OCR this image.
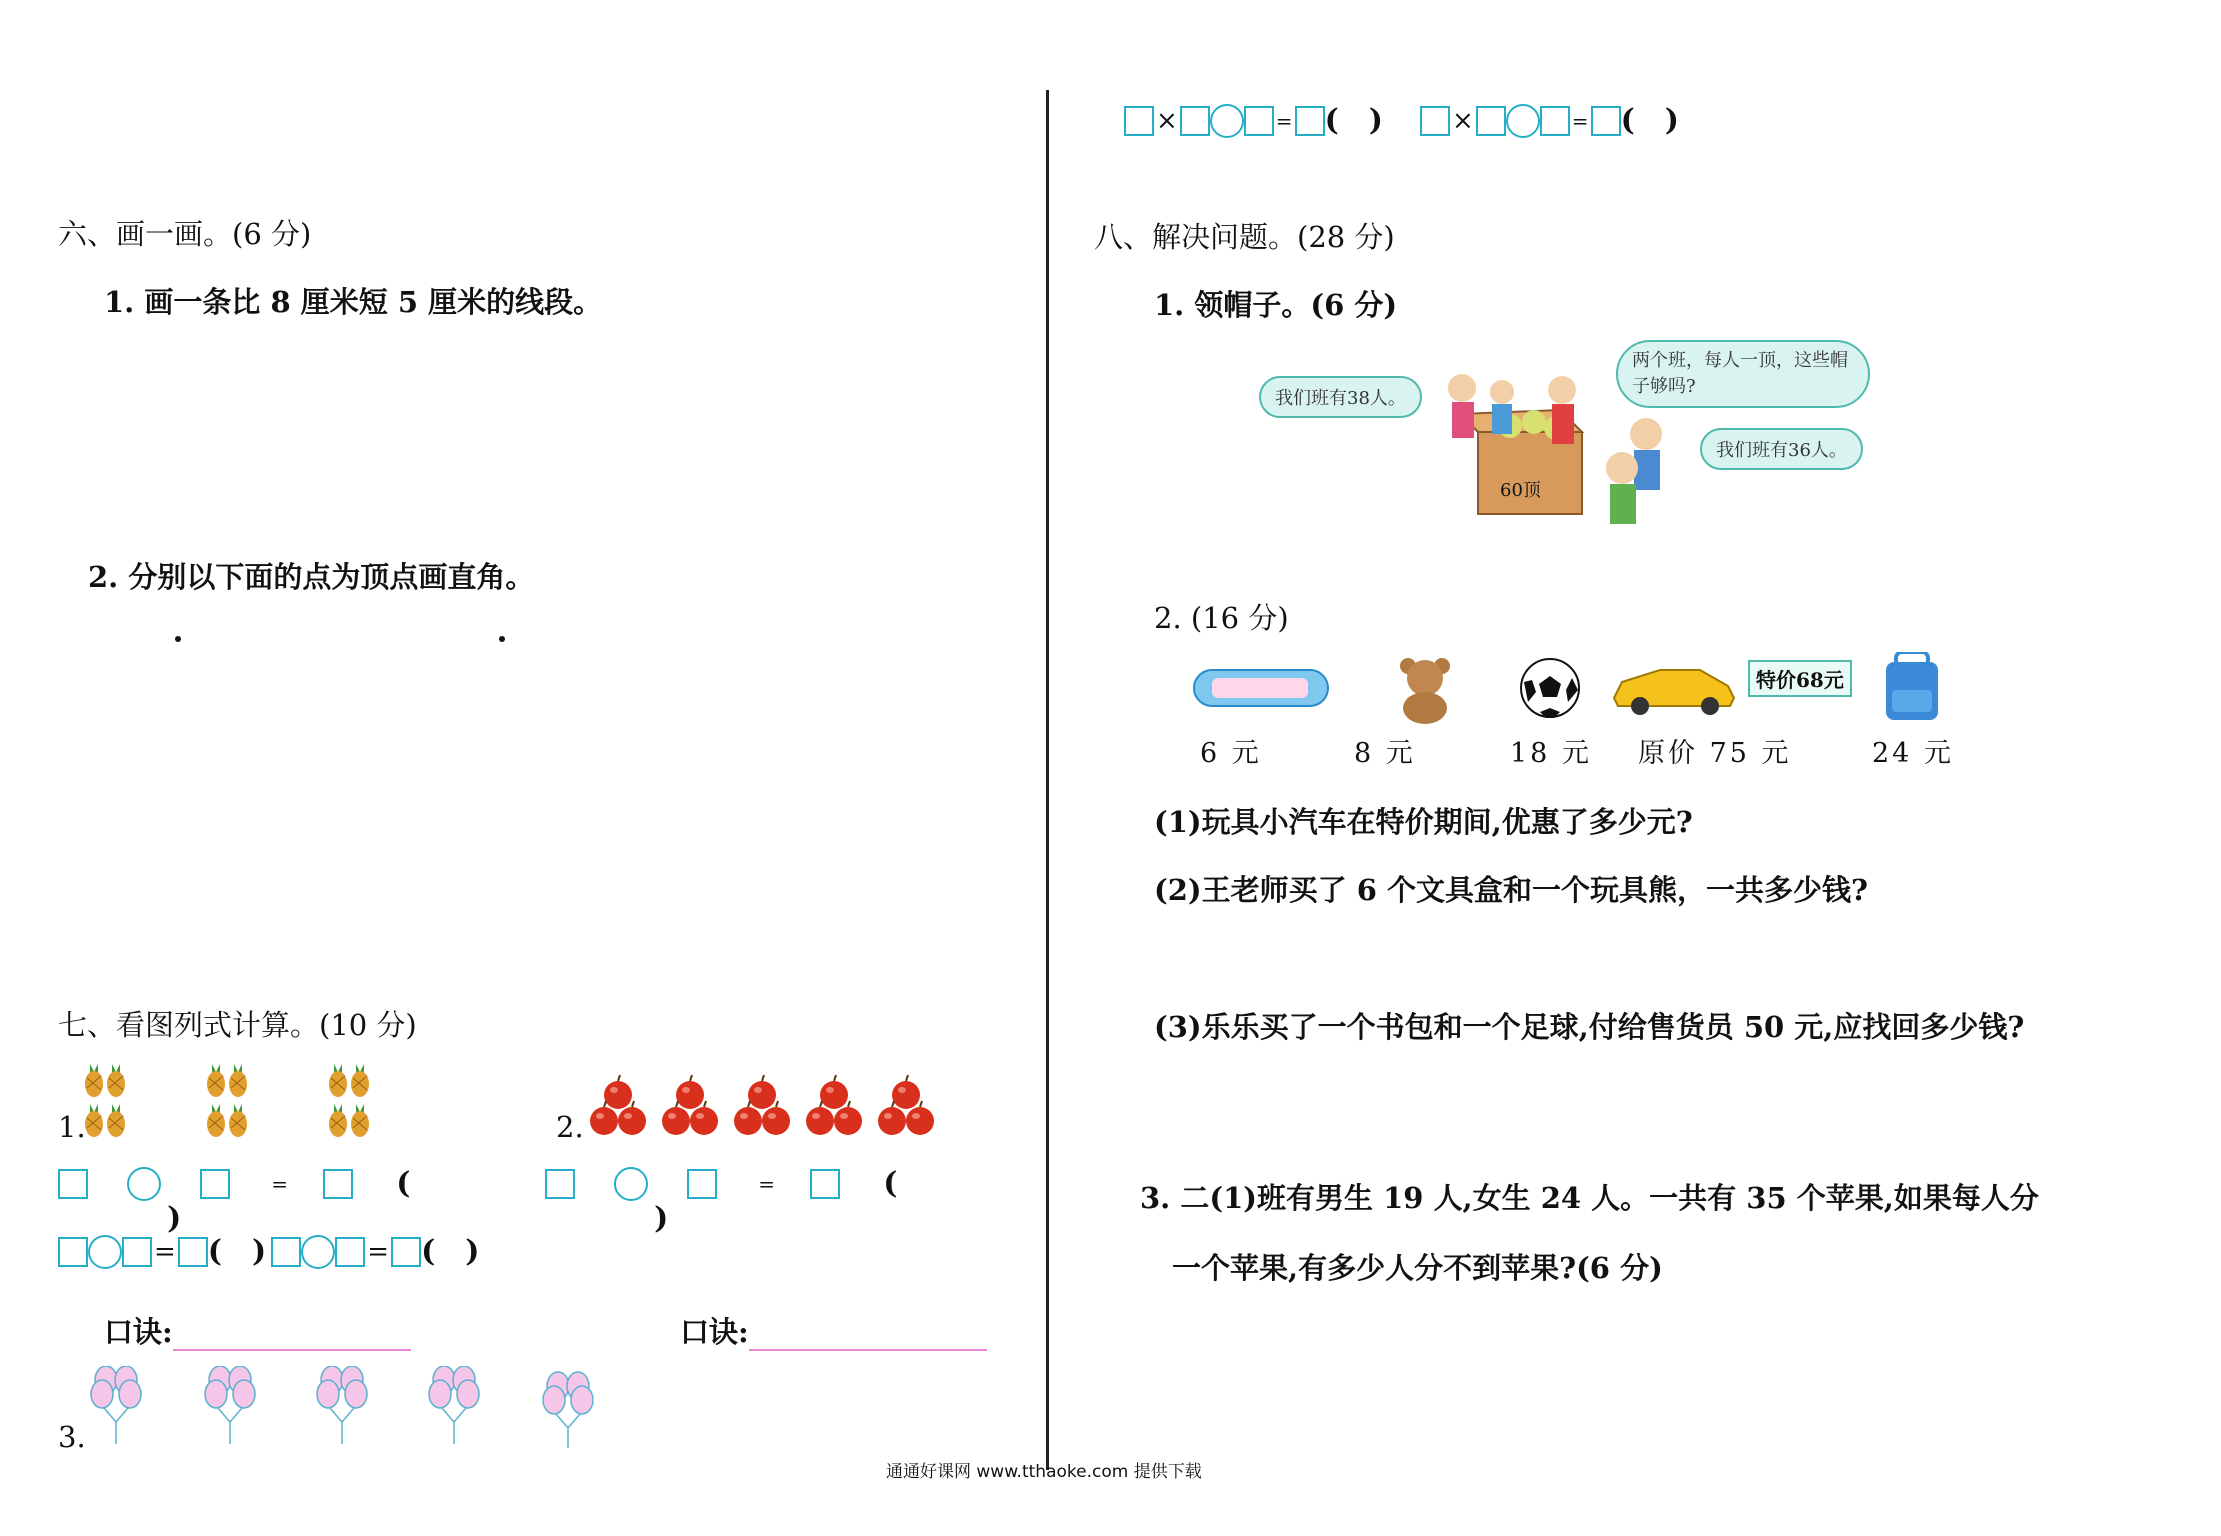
六、画一画。(6 分)
1. 画一条比 8 厘米短 5 厘米的线段。
2. 分别以下面的点为顶点画直角。
七、看图列式计算。(10 分)
1.	2.
=	(  )
=	(  )
= ( )	= ( )
口诀:	口诀:
3.
×	= ( )	×	= ( )
八、解决问题。(28 分)
1. 领帽子。(6 分)
我们班有38人。
两个班，每人一顶，这些帽子够吗?
我们班有36人。
60顶
2. (16 分)
特价68元
6 元	8 元	18 元 原价 75 元	24 元
(1)玩具小汽车在特价期间,优惠了多少元?
(2)王老师买了 6 个文具盒和一个玩具熊，一共多少钱?
(3)乐乐买了一个书包和一个足球,付给售货员 50 元,应找回多少钱?
3. 二(1)班有男生 19 人,女生 24 人。一共有 35 个苹果,如果每人分
一个苹果,有多少人分不到苹果?(6 分)
通通好课网 www.tthaoke.com 提供下载
